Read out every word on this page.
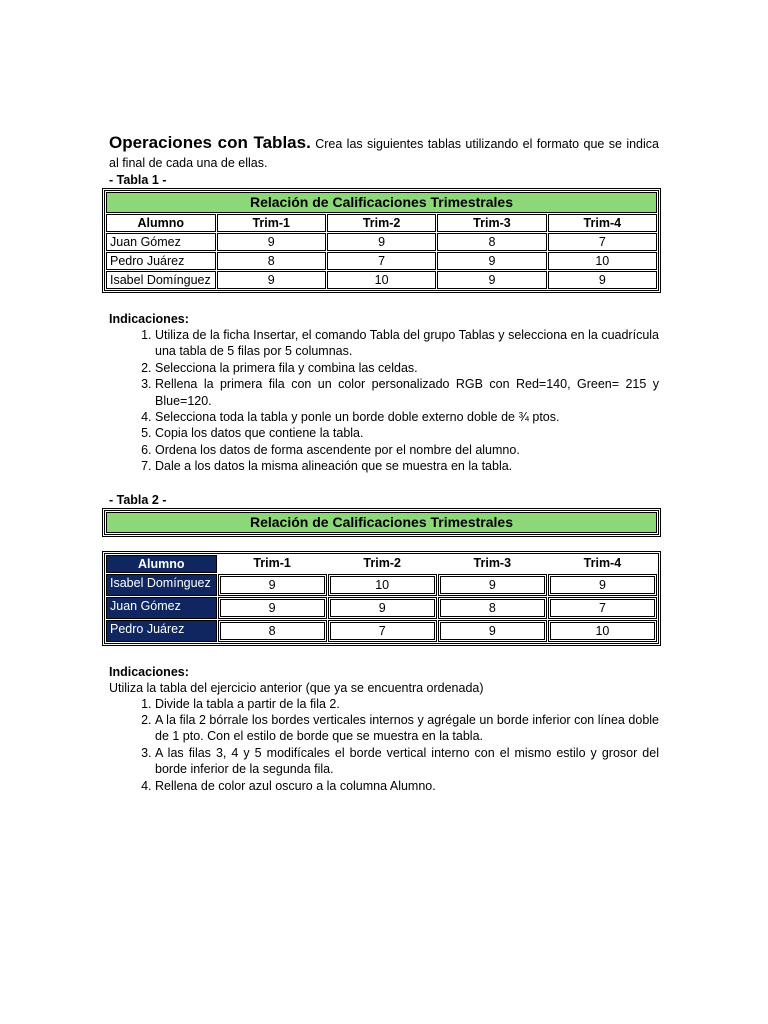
Operaciones con Tablas. Crea las siguientes tablas utilizando el formato que se indica al final de cada una de ellas.
- Tabla 1 -
Relación de Calificaciones Trimestrales				
Alumno	Trim-1	Trim-2	Trim-3	Trim-4
Juan Gómez	9	9	8	7
Pedro Juárez	8	7	9	10
Isabel Domínguez	9	10	9	9
Indicaciones:
1. Utiliza de la ficha Insertar, el comando Tabla del grupo Tablas y selecciona en la cuadrícula una tabla de 5 filas por 5 columnas.
2. Selecciona la primera fila y combina las celdas.
3. Rellena la primera fila con un color personalizado RGB con Red=140, Green= 215 y Blue=120.
4. Selecciona toda la tabla y ponle un borde doble externo doble de ¾ ptos.
5. Copia los datos que contiene la tabla.
6. Ordena los datos de forma ascendente por el nombre del alumno.
7. Dale a los datos la misma alineación que se muestra en la tabla.
- Tabla 2 -
Relación de Calificaciones Trimestrales
Alumno	Trim-1	Trim-2	Trim-3	Trim-4
Isabel Domínguez	9	10	9	9
Juan Gómez	9	9	8	7
Pedro Juárez	8	7	9	10
Indicaciones:
Utiliza la tabla del ejercicio anterior (que ya se encuentra ordenada)
1. Divide la tabla a partir de la fila 2.
2. A la fila 2 bórrale los bordes verticales internos y agrégale un borde inferior con línea doble de 1 pto. Con el estilo de borde que se muestra en la tabla.
3. A las filas 3, 4 y 5 modifícales el borde vertical interno con el mismo estilo y grosor del borde inferior de la segunda fila.
4. Rellena de color azul oscuro a la columna Alumno.
